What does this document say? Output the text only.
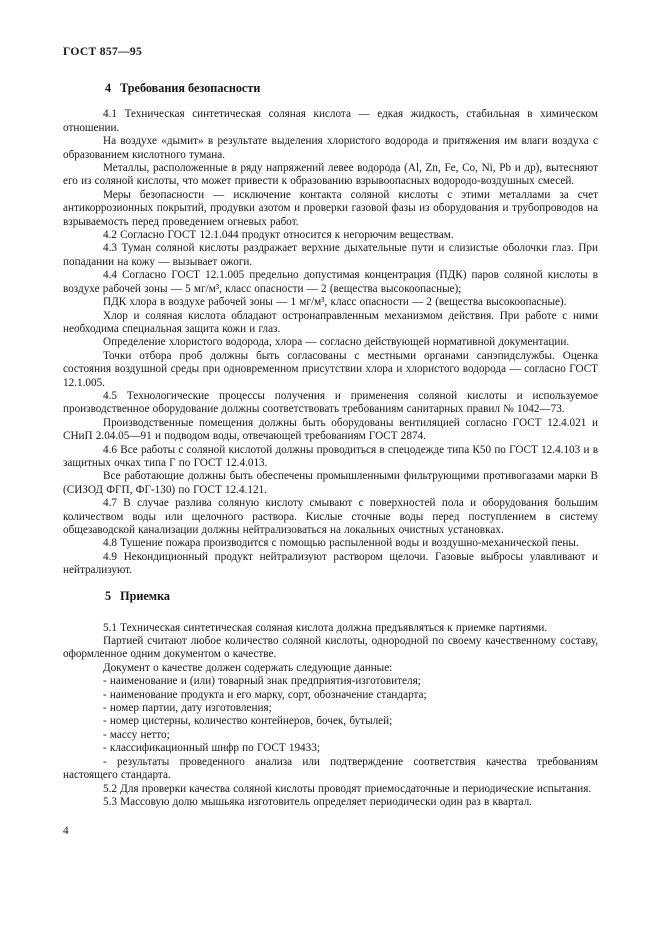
ГОСТ 857—95
4 Требования безопасности

4.1 Техническая синтетическая соляная кислота — едкая жидкость, стабильная в химическом отношении.

На воздухе «дымит» в результате выделения хлористого водорода и притяжения им влаги воздуха с образованием кислотного тумана.

Металлы, расположенные в ряду напряжений левее водорода (Al, Zn, Fe, Co, Ni, Pb и др), вытесняют его из соляной кислоты, что может привести к образованию взрывоопасных водородо-воздушных смесей.

Меры безопасности — исключение контакта соляной кислоты с этими металлами за счет антикоррозионных покрытий, продувки азотом и проверки газовой фазы из оборудования и трубопроводов на взрываемость перед проведением огневых работ.

4.2 Согласно ГОСТ 12.1.044 продукт относится к негорючим веществам.

4.3 Туман соляной кислоты раздражает верхние дыхательные пути и слизистые оболочки глаз. При попадании на кожу — вызывает ожоги.

4.4 Согласно ГОСТ 12.1.005 предельно допустимая концентрация (ПДК) паров соляной кислоты в воздухе рабочей зоны — 5 мг/м³, класс опасности — 2 (вещества высокоопасные);

ПДК хлора в воздухе рабочей зоны — 1 мг/м³, класс опасности — 2 (вещества высокоопасные).

Хлор и соляная кислота обладают остронаправленным механизмом действия. При работе с ними необходима специальная защита кожи и глаз.

Определение хлористого водорода, хлора — согласно действующей нормативной документации.

Точки отбора проб должны быть согласованы с местными органами санэпидслужбы. Оценка состояния воздушной среды при одновременном присутствии хлора и хлористого водорода — согласно ГОСТ 12.1.005.

4.5 Технологические процессы получения и применения соляной кислоты и используемое производственное оборудование должны соответствовать требованиям санитарных правил № 1042—73.

Производственные помещения должны быть оборудованы вентиляцией согласно ГОСТ 12.4.021 и СНиП 2.04.05—91 и подводом воды, отвечающей требованиям ГОСТ 2874.

4.6 Все работы с соляной кислотой должны проводиться в спецодежде типа К50 по ГОСТ 12.4.103 и в защитных очках типа Г по ГОСТ 12.4.013.

Все работающие должны быть обеспечены промышленными фильтрующими противогазами марки В (СИЗОД ФГП, ФГ-130) по ГОСТ 12.4.121.

4.7 В случае разлива соляную кислоту смывают с поверхностей пола и оборудования большим количеством воды или щелочного раствора. Кислые сточные воды перед поступлением в систему общезаводской канализации должны нейтрализоваться на локальных очистных установках.

4.8 Тушение пожара производится с помощью распыленной воды и воздушно-механической пены.

4.9 Некондиционный продукт нейтрализуют раствором щелочи. Газовые выбросы улавливают и нейтрализуют.

5 Приемка

5.1 Техническая синтетическая соляная кислота должна предъявляться к приемке партиями.

Партией считают любое количество соляной кислоты, однородной по своему качественному составу, оформленное одним документом о качестве.

Документ о качестве должен содержать следующие данные:

- наименование и (или) товарный знак предприятия-изготовителя;

- наименование продукта и его марку, сорт, обозначение стандарта;

- номер партии, дату изготовления;

- номер цистерны, количество контейнеров, бочек, бутылей;

- массу нетто;

- классификационный шифр по ГОСТ 19433;

- результаты проведенного анализа или подтверждение соответствия качества требованиям настоящего стандарта.

5.2 Для проверки качества соляной кислоты проводят приемосдаточные и периодические испытания.

5.3 Массовую долю мышьяка изготовитель определяет периодически один раз в квартал.

4
